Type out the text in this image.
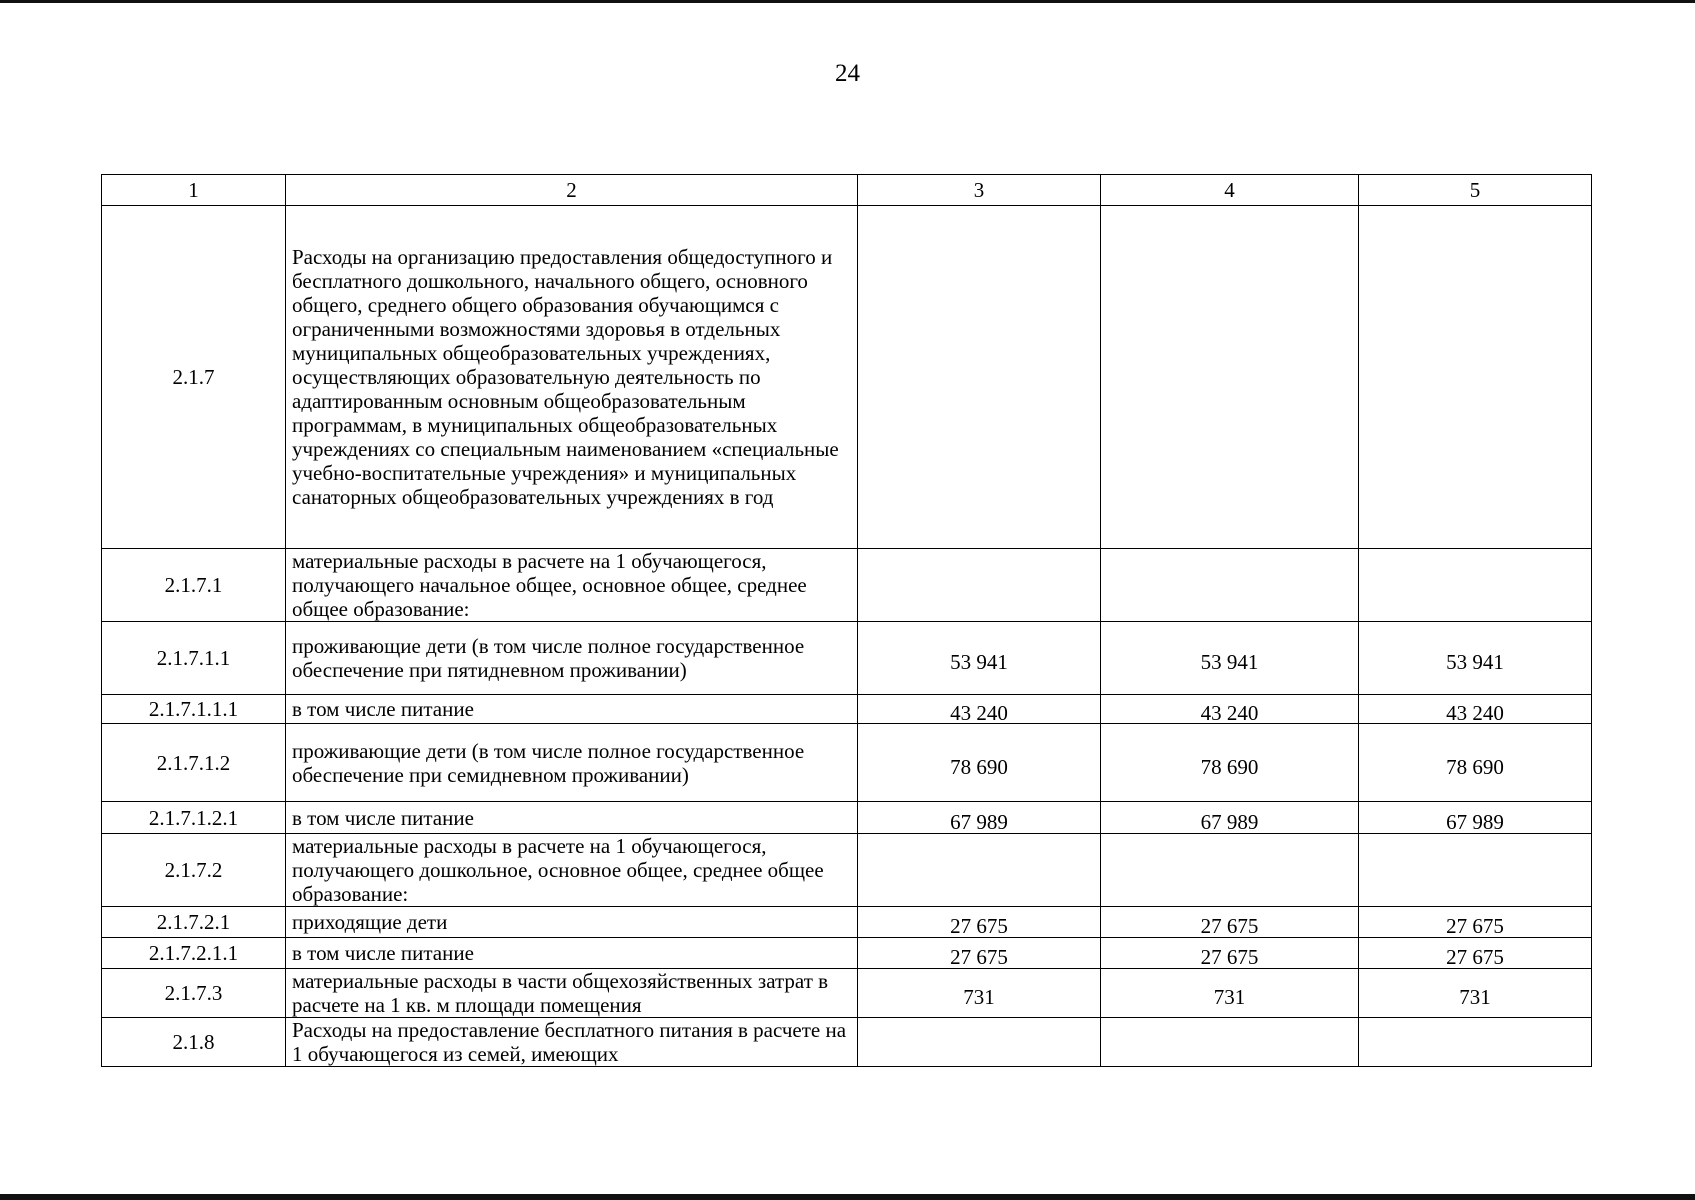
24
1	2	3	4	5
2.1.7	Расходы на организацию предоставления общедоступного и бесплатного дошкольного, начального общего, основного общего, среднего общего образования обучающимся с ограниченными возможностями здоровья в отдельных муниципальных общеобразовательных учреждениях, осуществляющих образовательную деятельность по адаптированным основным общеобразовательным программам, в муниципальных общеобразовательных учреждениях со специальным наименованием «специальные учебно-воспитательные учреждения» и муниципальных санаторных общеобразовательных учреждениях в год			
2.1.7.1	материальные расходы в расчете на 1 обучающегося, получающего начальное общее, основное общее, среднее общее образование:			
2.1.7.1.1	проживающие дети (в том числе полное государственное обеспечение при пятидневном проживании)	53 941	53 941	53 941
2.1.7.1.1.1	в том числе питание	43 240	43 240	43 240
2.1.7.1.2	проживающие дети (в том числе полное государственное обеспечение при семидневном проживании)	78 690	78 690	78 690
2.1.7.1.2.1	в том числе питание	67 989	67 989	67 989
2.1.7.2	материальные расходы в расчете на 1 обучающегося, получающего дошкольное, основное общее, среднее общее образование:			
2.1.7.2.1	приходящие дети	27 675	27 675	27 675
2.1.7.2.1.1	в том числе питание	27 675	27 675	27 675
2.1.7.3	материальные расходы в части общехозяйственных затрат в расчете на 1 кв. м площади помещения	731	731	731
2.1.8	Расходы на предоставление бесплатного питания в расчете на 1 обучающегося из семей, имеющих			
